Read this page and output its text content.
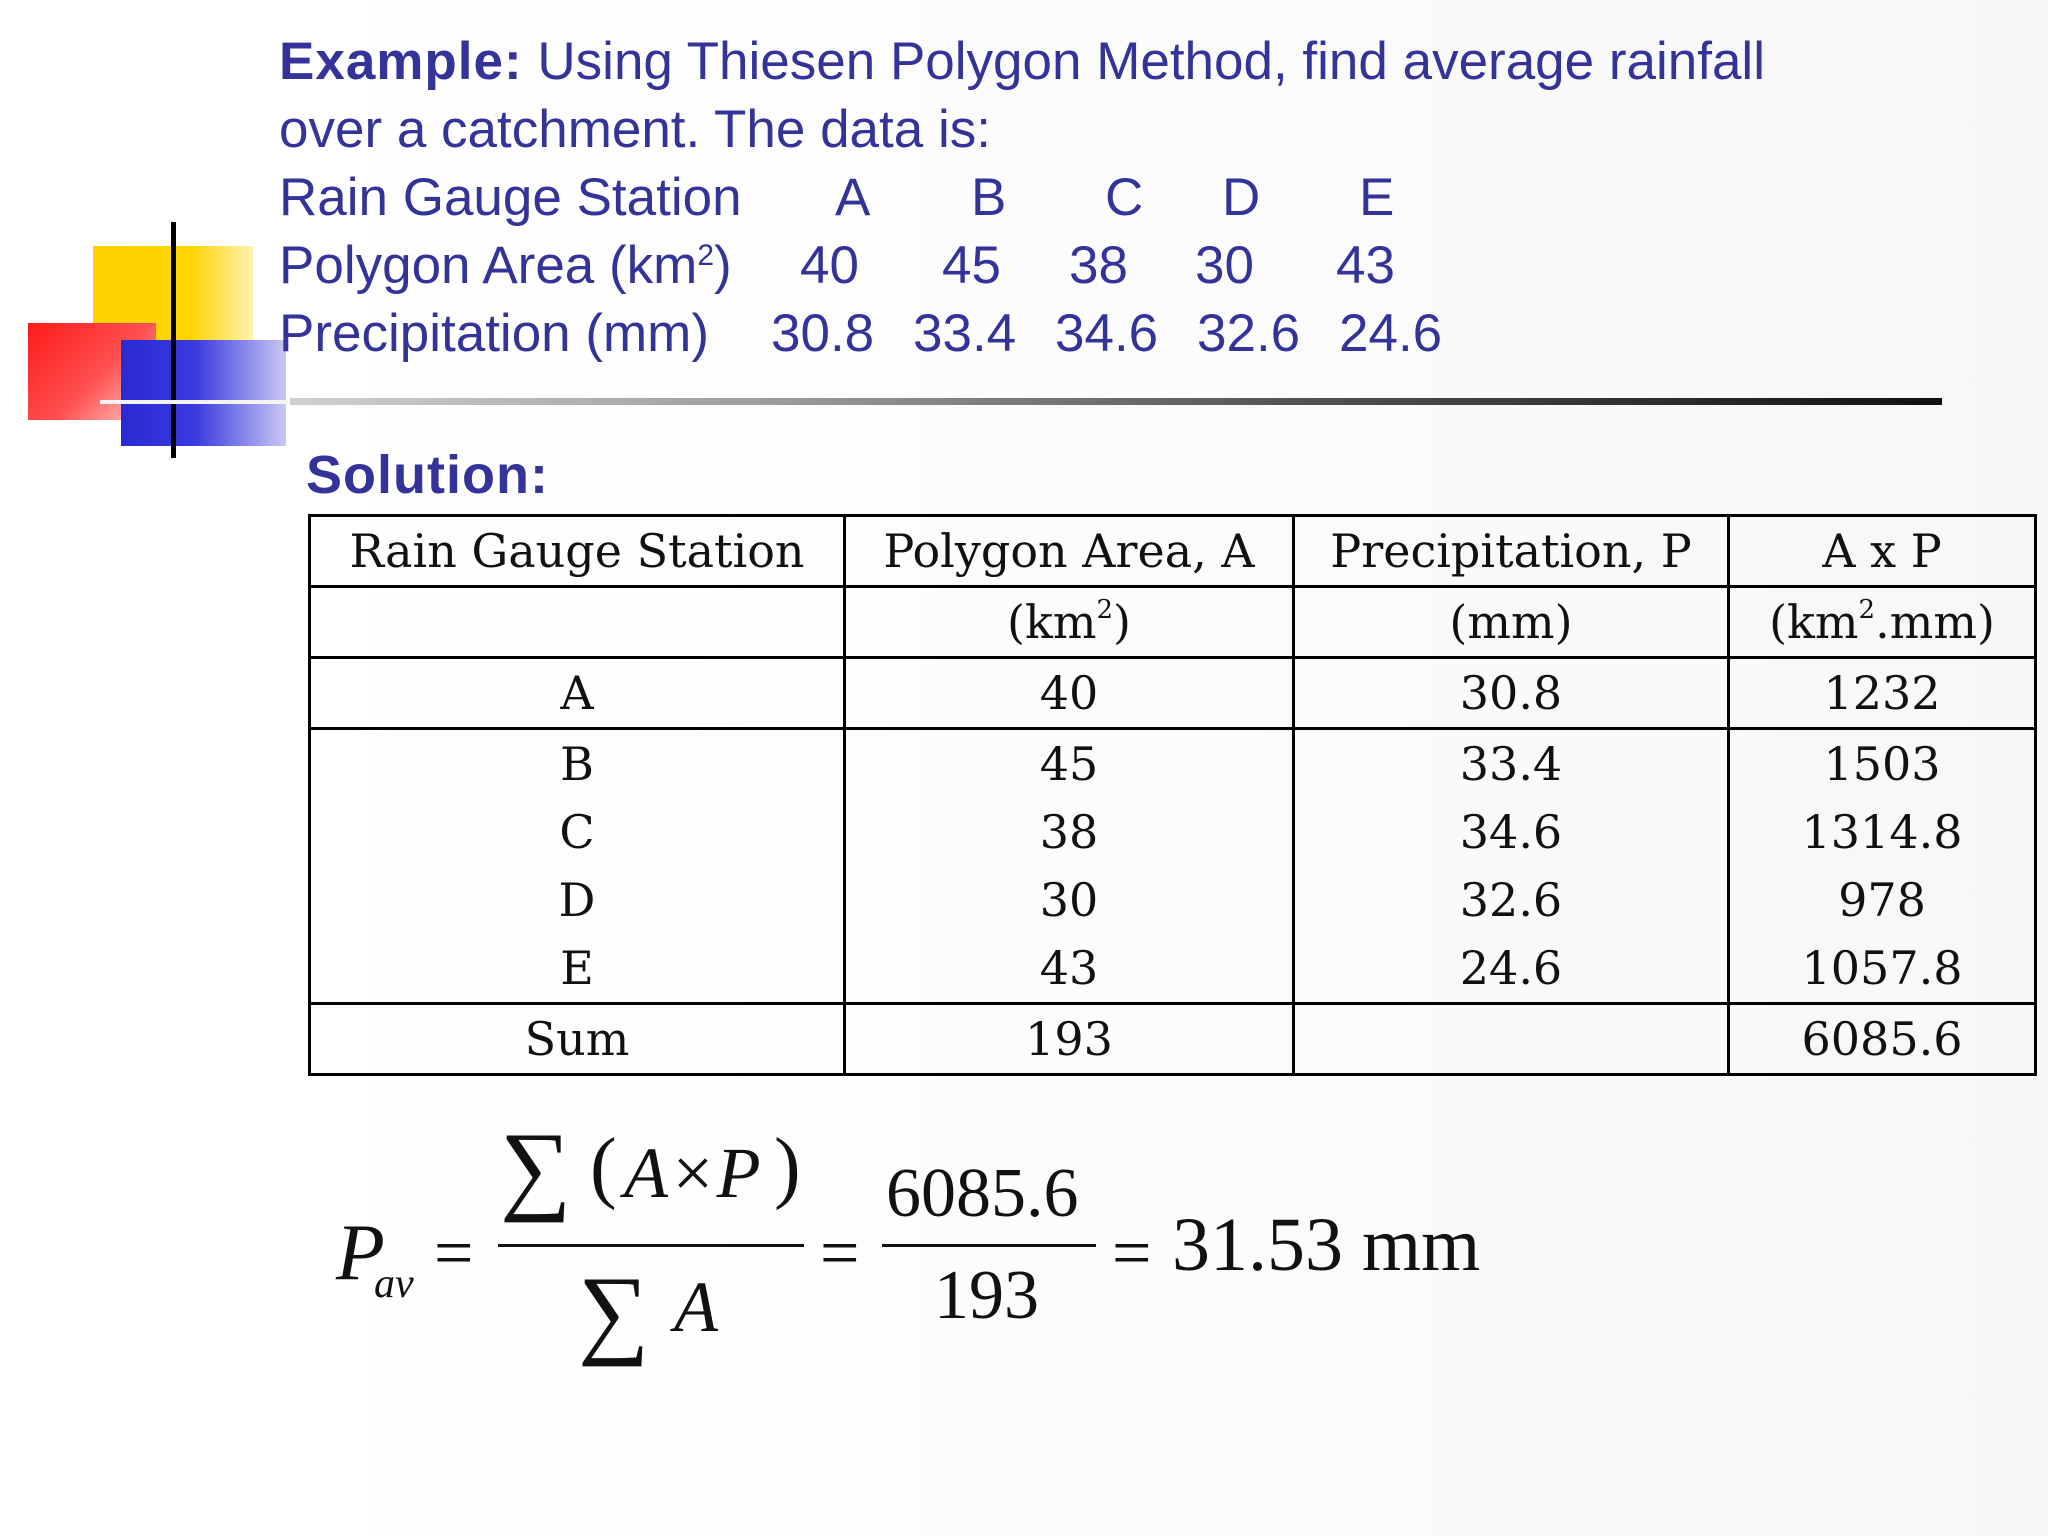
Example: Using Thiesen Polygon Method, find average rainfall
over a catchment. The data is:
Rain Gauge Station A B C D E
Polygon Area $(km^2)$ 40 45 38 30 43
Precipitation (mm) 30.8 33.4 34.6 32.6 24.6
Solution:
Rain Gauge Station	Polygon Area, A	Precipitation, P	A x P
	$(km^2)$	(mm)	$(km^2.mm)$
A	40	30.8	1232
B	45	33.4	1503
C	38	34.6	1314.8
D	30	32.6	978
E	43	24.6	1057.8
Sum	193		6085.6
P
av =
∑ ( A×P )
∑ A
=
6085.6
193
= 31.53 mm
